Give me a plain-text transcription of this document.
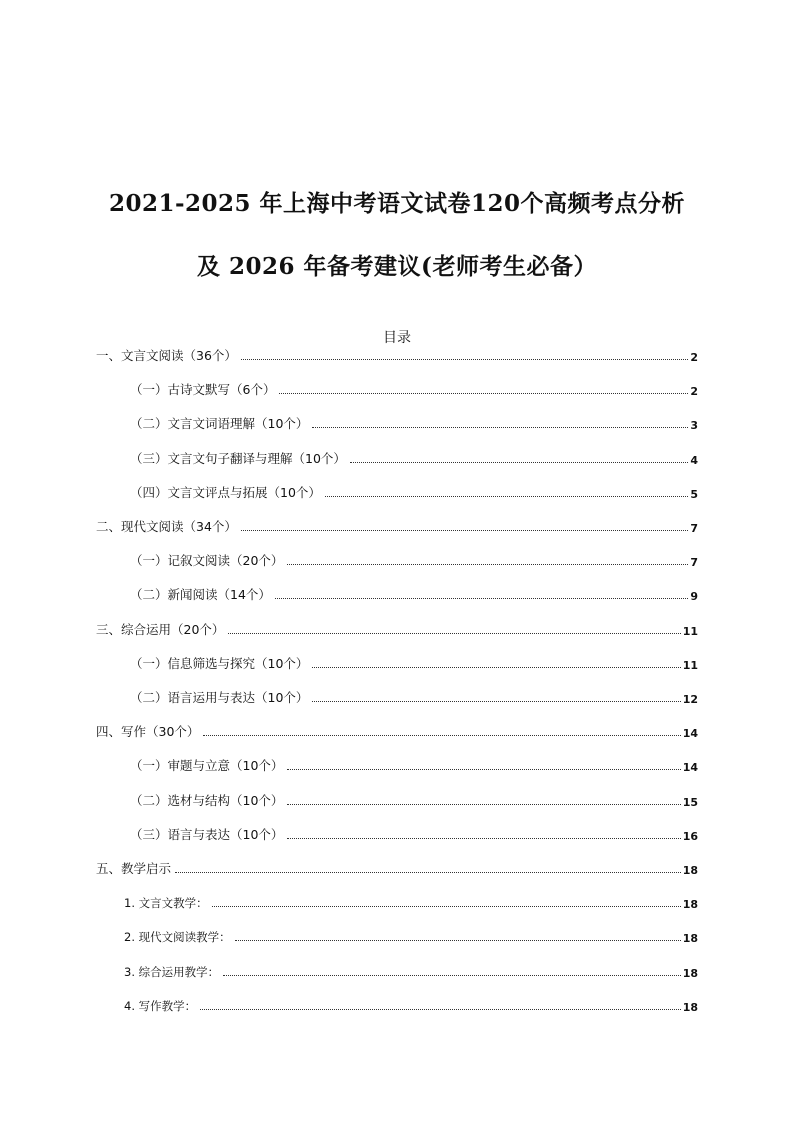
2021-2025 年上海中考语文试卷120个高频考点分析
及 2026 年备考建议(老师考生必备）
目录
一、文言文阅读（36个）	2
（一）古诗文默写（6个）	2
（二）文言文词语理解（10个）	3
（三）文言文句子翻译与理解（10个）	4
（四）文言文评点与拓展（10个）	5
二、现代文阅读（34个）	7
（一）记叙文阅读（20个）	7
（二）新闻阅读（14个）	9
三、综合运用（20个）	11
（一）信息筛选与探究（10个）	11
（二）语言运用与表达（10个）	12
四、写作（30个）	14
（一）审题与立意（10个）	14
（二）选材与结构（10个）	15
（三）语言与表达（10个）	16
五、教学启示	18
1. 文言文教学：	18
2. 现代文阅读教学：	18
3. 综合运用教学：	18
4. 写作教学：	18
